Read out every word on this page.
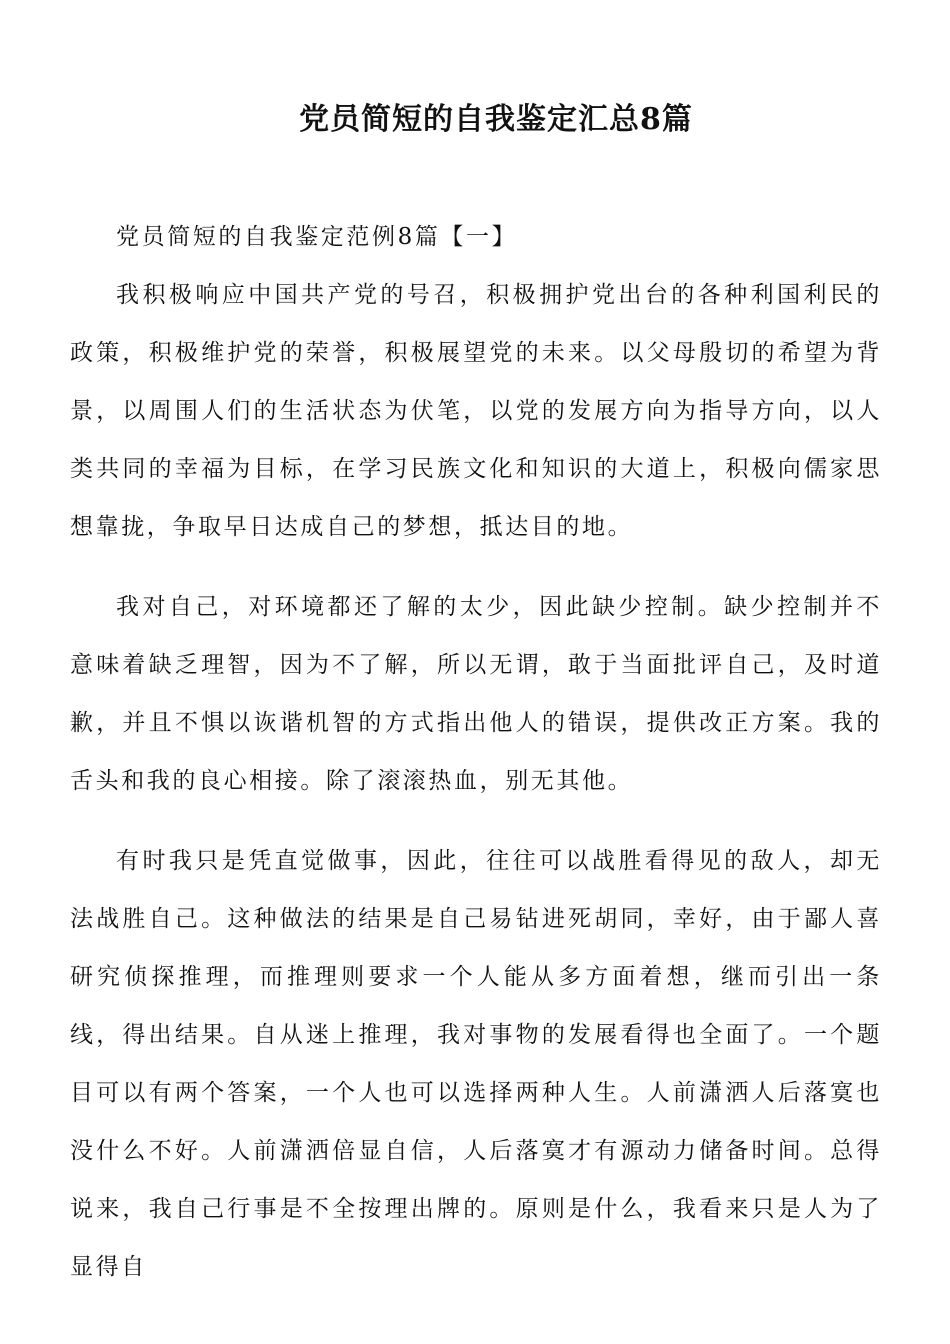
党员简短的自我鉴定汇总8篇

党员简短的自我鉴定范例8篇【一】

我积极响应中国共产党的号召，积极拥护党出台的各种利国利民的政策，积极维护党的荣誉，积极展望党的未来。以父母殷切的希望为背景，以周围人们的生活状态为伏笔，以党的发展方向为指导方向，以人类共同的幸福为目标，在学习民族文化和知识的大道上，积极向儒家思想靠拢，争取早日达成自己的梦想，抵达目的地。

我对自己，对环境都还了解的太少，因此缺少控制。缺少控制并不意味着缺乏理智，因为不了解，所以无谓，敢于当面批评自己，及时道歉，并且不惧以诙谐机智的方式指出他人的错误，提供改正方案。我的舌头和我的良心相接。除了滚滚热血，别无其他。

有时我只是凭直觉做事，因此，往往可以战胜看得见的敌人，却无法战胜自己。这种做法的结果是自己易钻进死胡同，幸好，由于鄙人喜研究侦探推理，而推理则要求一个人能从多方面着想，继而引出一条线，得出结果。自从迷上推理，我对事物的发展看得也全面了。一个题目可以有两个答案，一个人也可以选择两种人生。人前潇洒人后落寞也没什么不好。人前潇洒倍显自信，人后落寞才有源动力储备时间。总得说来，我自己行事是不全按理出牌的。原则是什么，我看来只是人为了显得自
